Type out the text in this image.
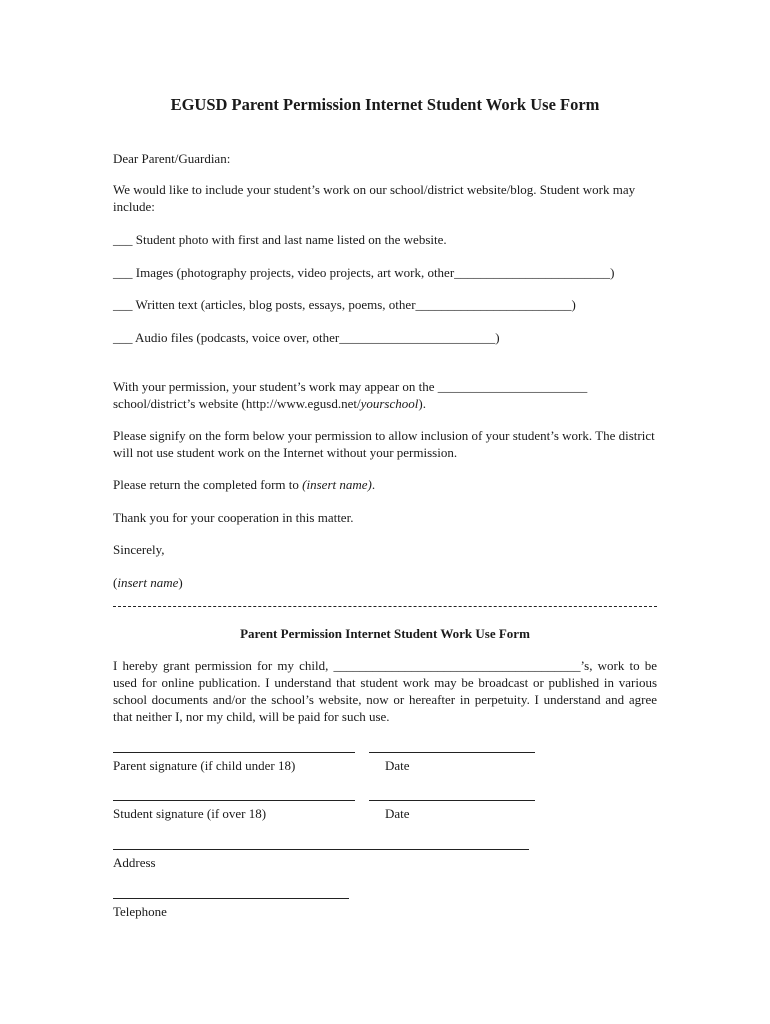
EGUSD Parent Permission Internet Student Work Use Form
Dear Parent/Guardian:
We would like to include your student’s work on our school/district website/blog. Student work may include:
___ Student photo with first and last name listed on the website.
___ Images (photography projects, video projects, art work, other________________________)
___ Written text (articles, blog posts, essays, poems, other________________________)
___ Audio files (podcasts, voice over, other________________________)
With your permission, your student’s work may appear on the _______________________
school/district’s website (http://www.egusd.net/yourschool).
Please signify on the form below your permission to allow inclusion of your student’s work. The district will not use student work on the Internet without your permission.
Please return the completed form to (insert name).
Thank you for your cooperation in this matter.
Sincerely,
(insert name)
Parent Permission Internet Student Work Use Form
I hereby grant permission for my child, ______________________________________’s, work to be used for online publication. I understand that student work may be broadcast or published in various school documents and/or the school’s website, now or hereafter in perpetuity. I understand and agree that neither I, nor my child, will be paid for such use.
Parent signature (if child under 18)	Date
Student signature (if over 18)	Date
Address
Telephone
